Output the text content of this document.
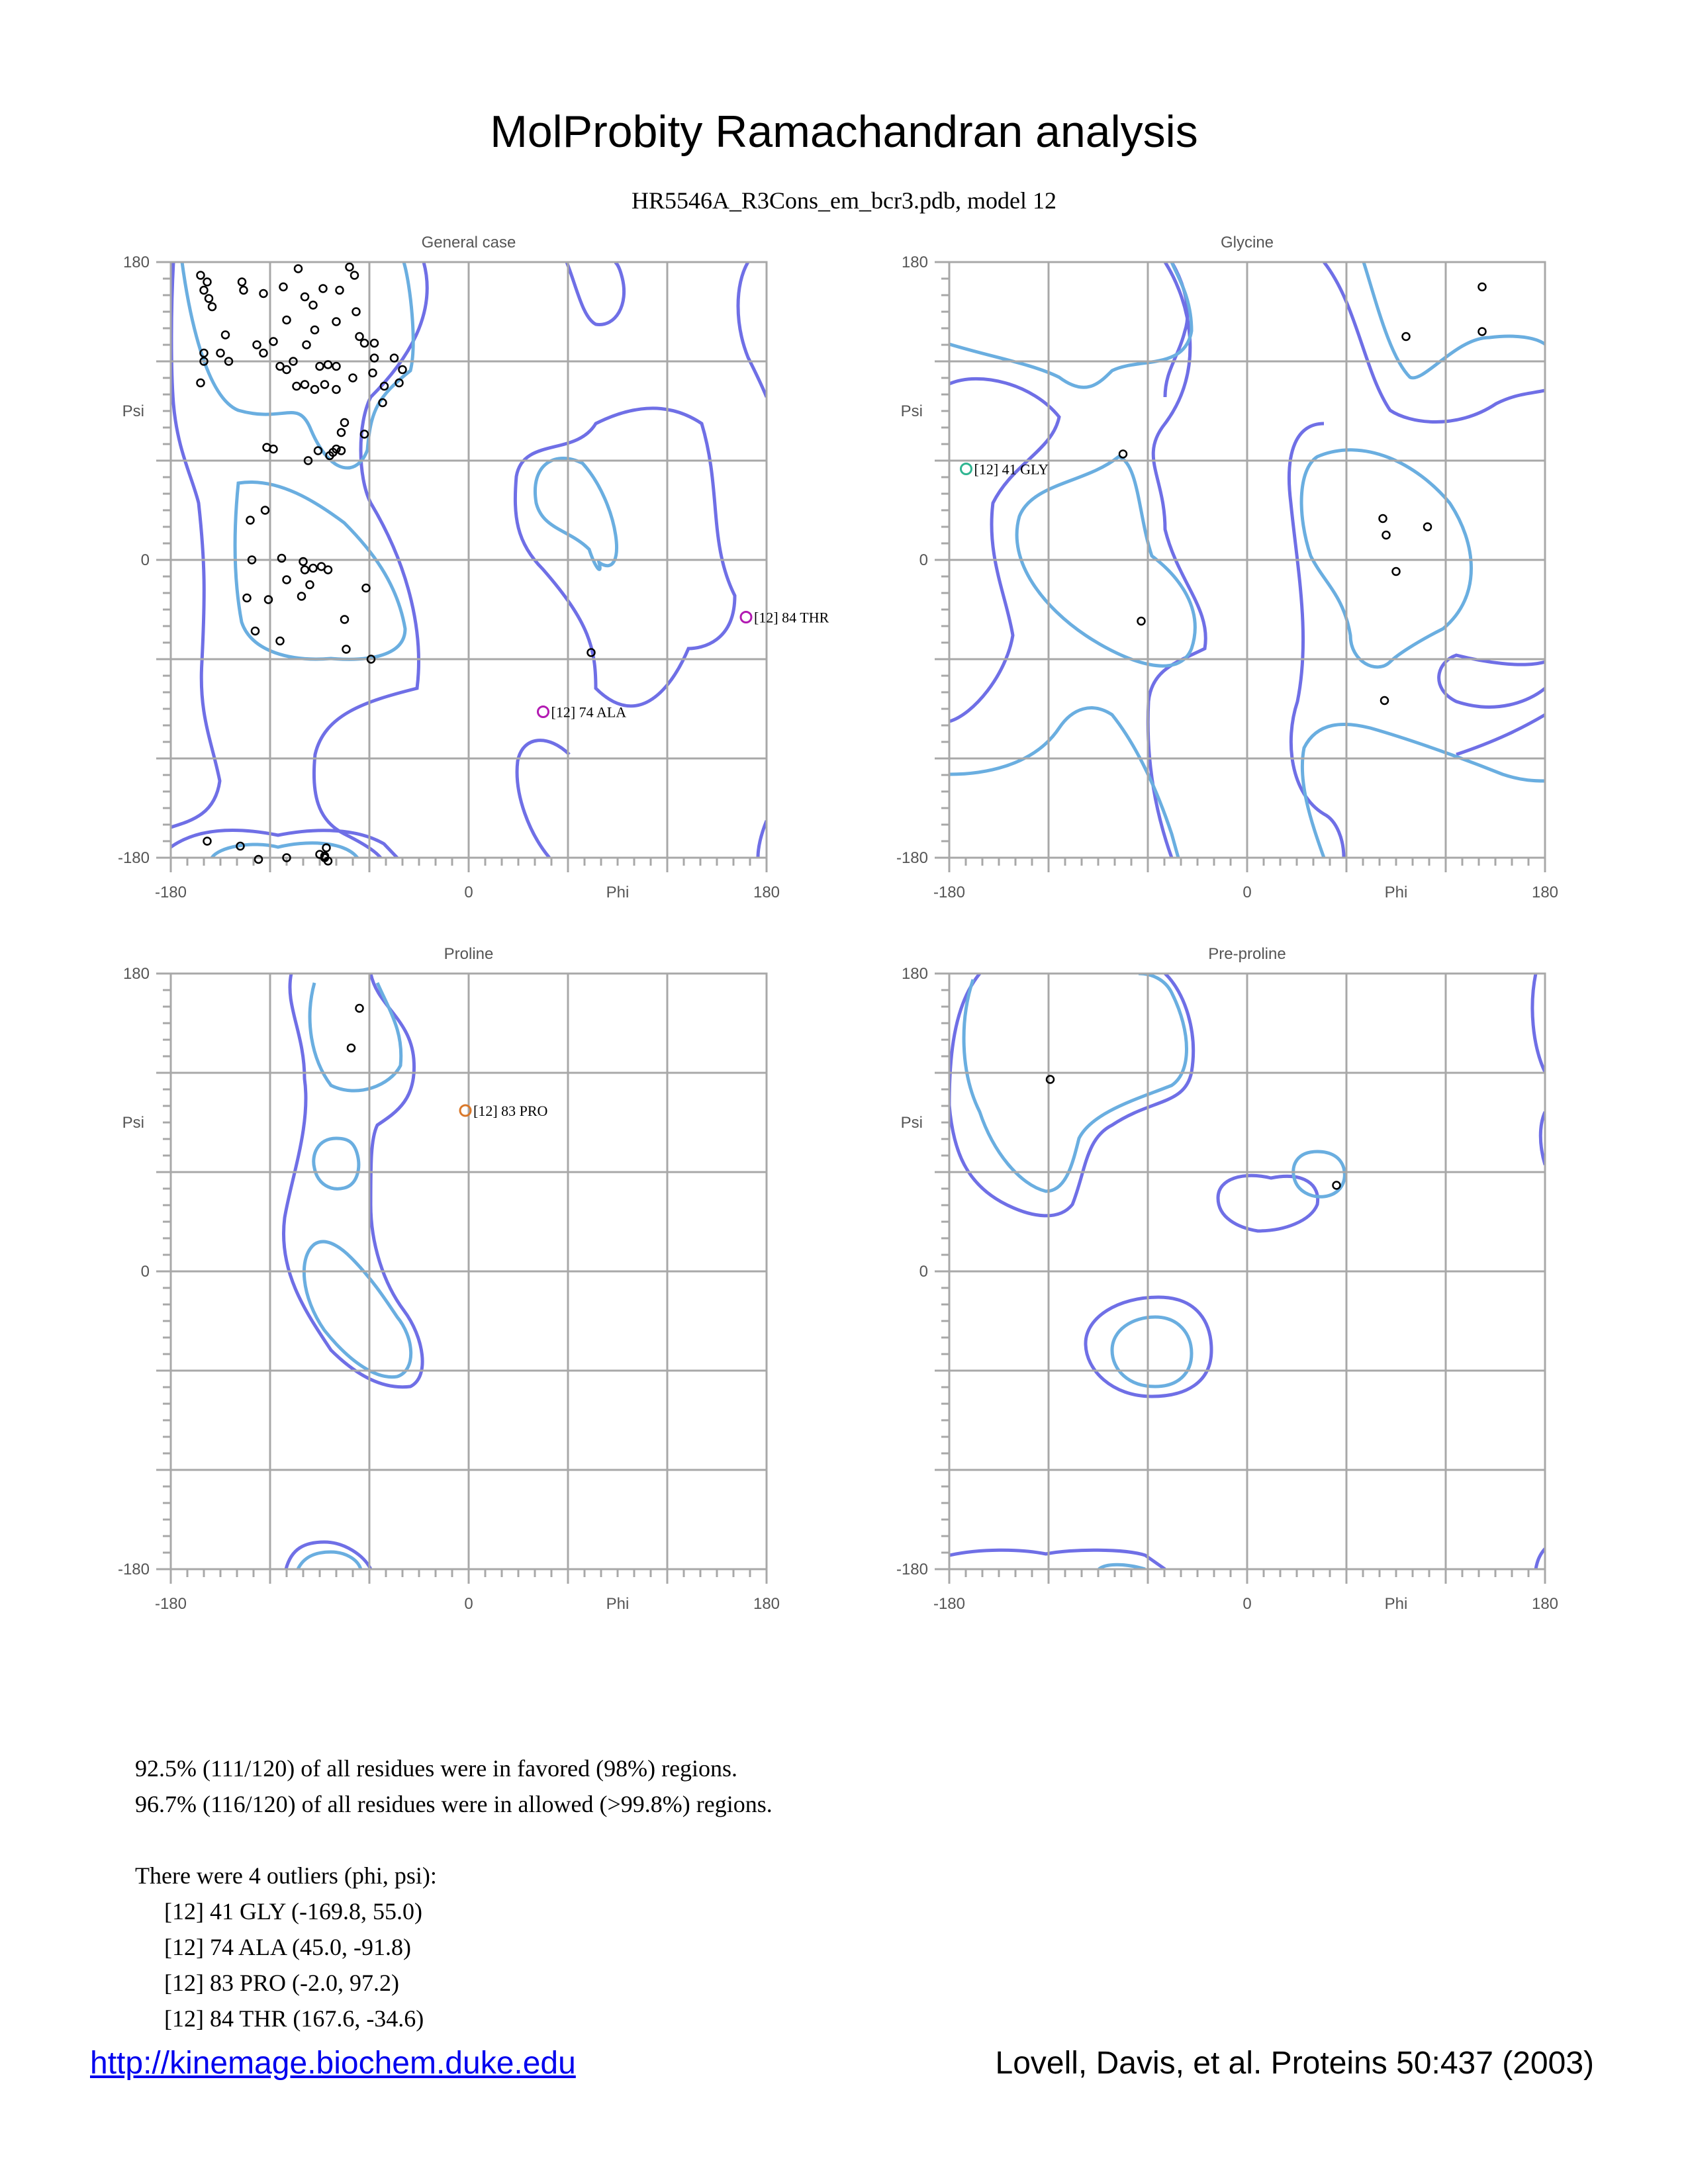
MolProbity Ramachandran analysis
HR5546A_R3Cons_em_bcr3.pdb, model 12
General case
-180	0	180
Phi
180
0
-180
Psi
[12] 84 THR
[12] 74 ALA
Glycine
-180	0	180
Phi
180
0
-180
Psi
[12] 41 GLY
Proline
-180	0	180
Phi
180
0
-180
Psi
[12] 83 PRO
Pre-proline
-180	0	180
Phi
180
0
-180
Psi

92.5% (111/120) of all residues were in favored (98%) regions.

96.7% (116/120) of all residues were in allowed (>99.8%) regions.

There were 4 outliers (phi, psi):

[12] 41 GLY (-169.8, 55.0)

[12] 74 ALA (45.0, -91.8)

[12] 83 PRO (-2.0, 97.2)

[12] 84 THR (167.6, -34.6)

http://kinemage.biochem.duke.edu	Lovell, Davis, et al. Proteins 50:437 (2003)
